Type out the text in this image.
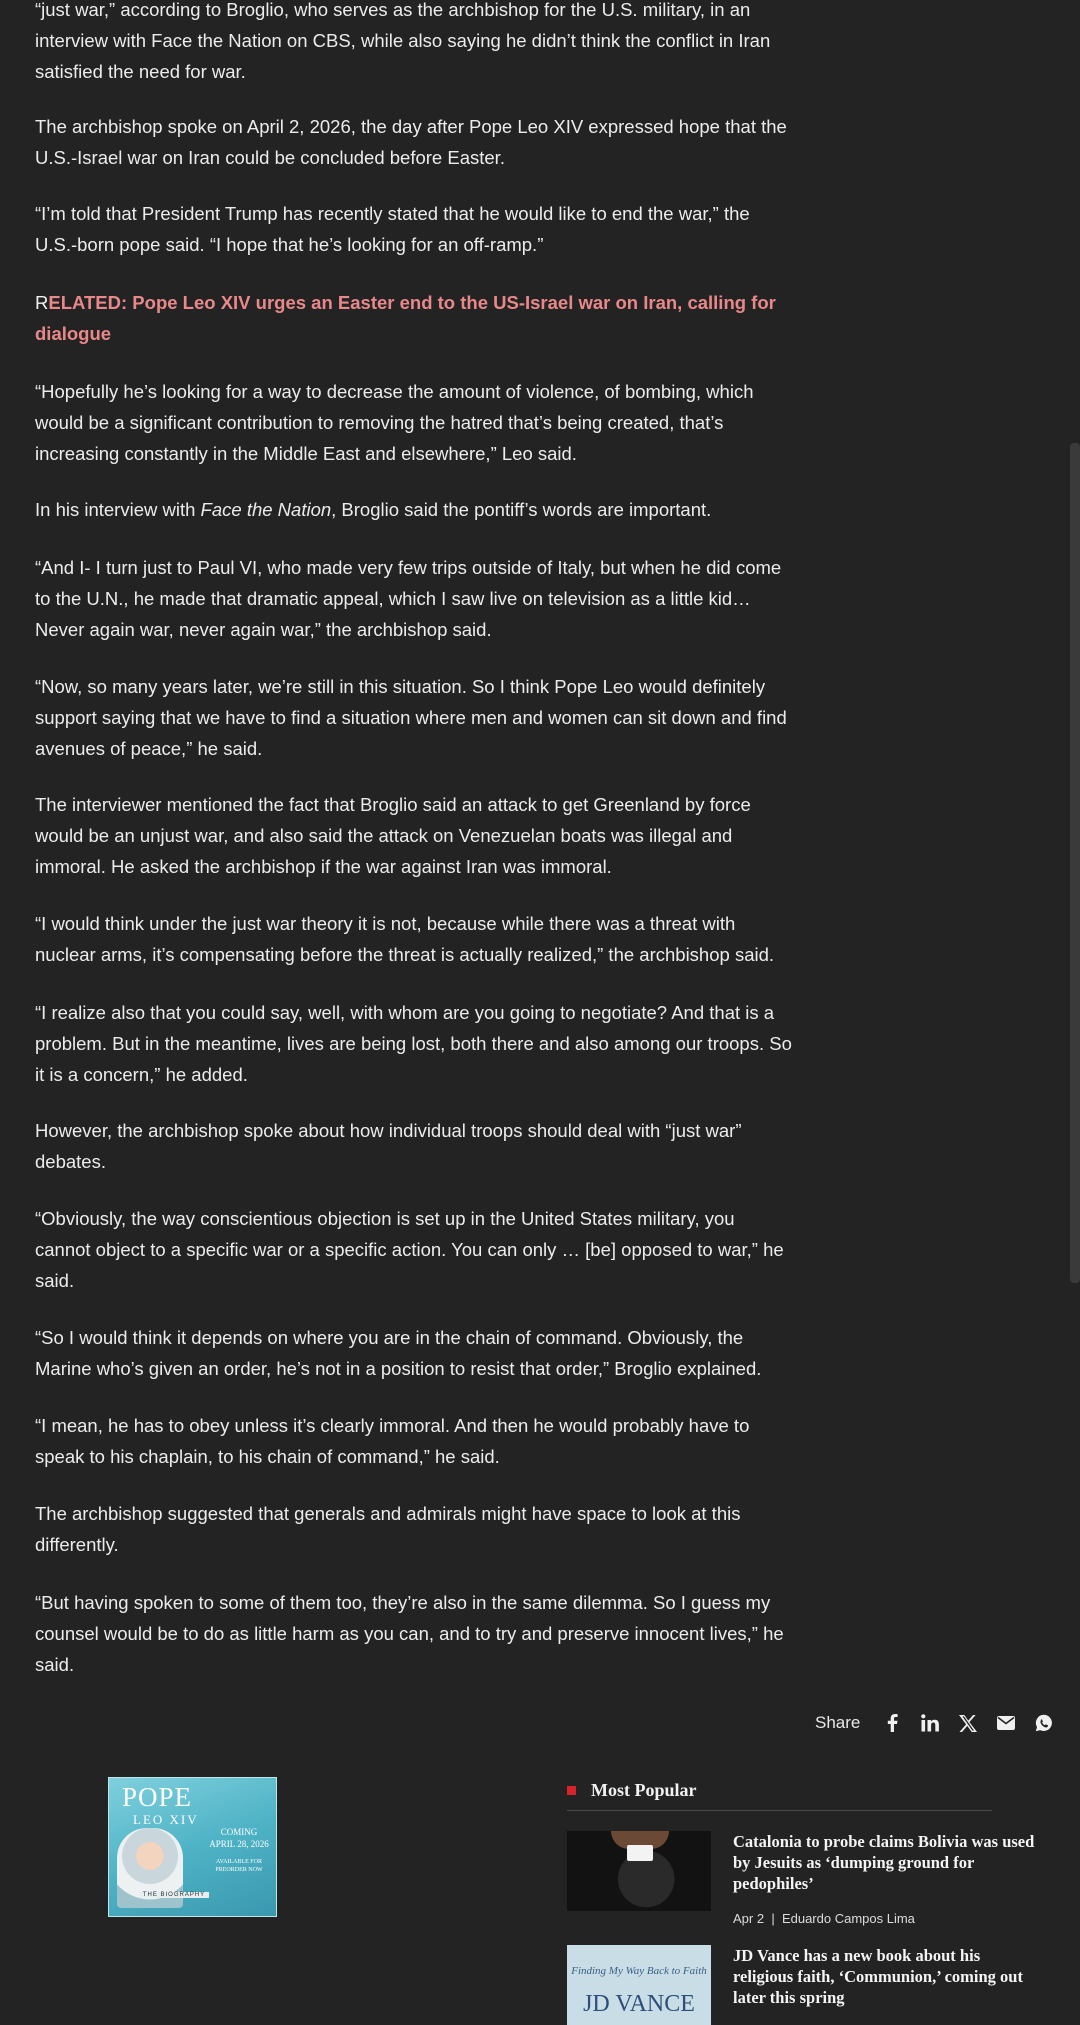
“just war,” according to Broglio, who serves as the archbishop for the U.S. military, in an interview with Face the Nation on CBS, while also saying he didn’t think the conflict in Iran satisfied the need for war.

The archbishop spoke on April 2, 2026, the day after Pope Leo XIV expressed hope that the U.S.-Israel war on Iran could be concluded before Easter.

“I’m told that President Trump has recently stated that he would like to end the war,” the U.S.-born pope said. “I hope that he’s looking for an off-ramp.”

RELATED: Pope Leo XIV urges an Easter end to the US-Israel war on Iran, calling for dialogue

“Hopefully he’s looking for a way to decrease the amount of violence, of bombing, which would be a significant contribution to removing the hatred that’s being created, that’s increasing constantly in the Middle East and elsewhere,” Leo said.

In his interview with Face the Nation, Broglio said the pontiff’s words are important.

“And I- I turn just to Paul VI, who made very few trips outside of Italy, but when he did come to the U.N., he made that dramatic appeal, which I saw live on television as a little kid… Never again war, never again war,” the archbishop said.

“Now, so many years later, we’re still in this situation. So I think Pope Leo would definitely support saying that we have to find a situation where men and women can sit down and find avenues of peace,” he said.

The interviewer mentioned the fact that Broglio said an attack to get Greenland by force would be an unjust war, and also said the attack on Venezuelan boats was illegal and immoral. He asked the archbishop if the war against Iran was immoral.

“I would think under the just war theory it is not, because while there was a threat with nuclear arms, it’s compensating before the threat is actually realized,” the archbishop said.

“I realize also that you could say, well, with whom are you going to negotiate? And that is a problem. But in the meantime, lives are being lost, both there and also among our troops. So it is a concern,” he added.

However, the archbishop spoke about how individual troops should deal with “just war” debates.

“Obviously, the way conscientious objection is set up in the United States military, you cannot object to a specific war or a specific action. You can only … [be] opposed to war,” he said.

“So I would think it depends on where you are in the chain of command. Obviously, the Marine who’s given an order, he’s not in a position to resist that order,” Broglio explained.

“I mean, he has to obey unless it’s clearly immoral. And then he would probably have to speak to his chaplain, to his chain of command,” he said.

The archbishop suggested that generals and admirals might have space to look at this differently.

“But having spoken to some of them too, they’re also in the same dilemma. So I guess my counsel would be to do as little harm as you can, and to try and preserve innocent lives,” he said.

Share
POPE
LEO XIV
COMING APRIL 28, 2026
AVAILABLE FOR PREORDER NOW
THE BIOGRAPHY
Most Popular
Catalonia to probe claims Bolivia was used by Jesuits as ‘dumping ground for pedophiles’
Apr 2  |  Eduardo Campos Lima
Finding My Way Back to Faith
JD VANCE
JD Vance has a new book about his religious faith, ‘Communion,’ coming out later this spring
